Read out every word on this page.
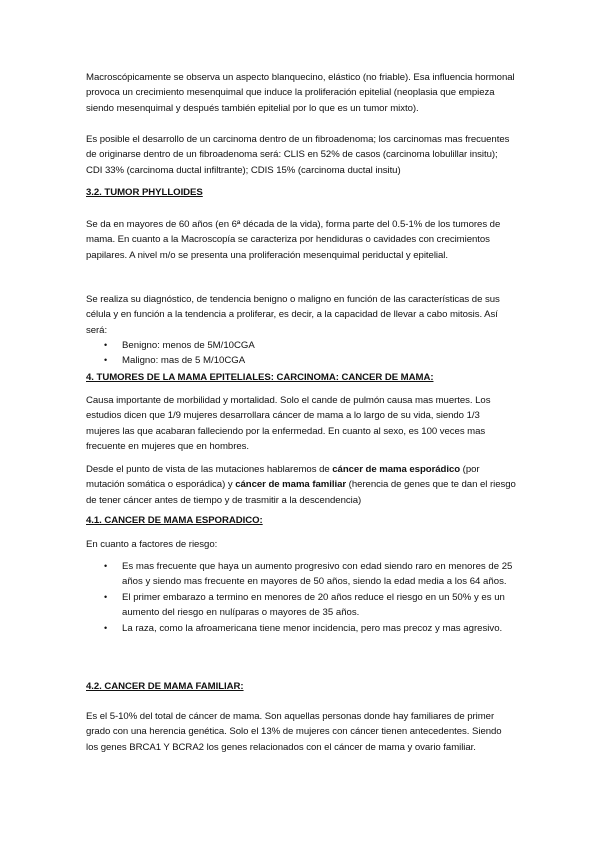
Macroscópicamente se observa un aspecto blanquecino, elástico (no friable). Esa influencia hormonal provoca un crecimiento mesenquimal que induce la proliferación epitelial (neoplasia que empieza siendo mesenquimal y después también epitelial por lo que es un tumor mixto).

Es posible el desarrollo de un carcinoma dentro de un fibroadenoma; los carcinomas mas frecuentes de originarse dentro de un fibroadenoma será: CLIS en 52% de casos (carcinoma lobulillar insitu); CDI 33% (carcinoma ductal infiltrante); CDIS 15% (carcinoma ductal insitu)

3.2. TUMOR PHYLLOIDES

Se da en mayores de 60 años (en 6ª década de la vida), forma parte del 0.5-1% de los tumores de mama. En cuanto a la Macroscopía se caracteriza por hendiduras o cavidades con crecimientos papilares. A nivel m/o se presenta una proliferación mesenquimal periductal y epitelial.

Se realiza su diagnóstico, de tendencia benigno o maligno en función de las características de sus célula y en función a la tendencia a proliferar, es decir, a la capacidad de llevar a cabo mitosis. Así será:

• Benigno: menos de 5M/10CGA
• Maligno: mas de 5 M/10CGA

4. TUMORES DE LA MAMA EPITELIALES: CARCINOMA: CANCER DE MAMA:

Causa importante de morbilidad y mortalidad. Solo el cande de pulmón causa mas muertes. Los estudios dicen que 1/9 mujeres desarrollara cáncer de mama a lo largo de su vida, siendo 1/3 mujeres las que acabaran falleciendo por la enfermedad. En cuanto al sexo, es 100 veces mas frecuente en mujeres que en hombres.

Desde el punto de vista de las mutaciones hablaremos de cáncer de mama esporádico (por mutación somática o esporádica) y cáncer de mama familiar (herencia de genes que te dan el riesgo de tener cáncer antes de tiempo y de trasmitir a la descendencia)

4.1. CANCER DE MAMA ESPORADICO:

En cuanto a factores de riesgo:

• Es mas frecuente que haya un aumento progresivo con edad siendo raro en menores de 25 años y siendo mas frecuente en mayores de 50 años, siendo la edad media a los 64 años.
• El primer embarazo a termino en menores de 20 años reduce el riesgo en un 50% y es un aumento del riesgo en nulíparas o mayores de 35 años.
• La raza, como la afroamericana tiene menor incidencia, pero mas precoz y mas agresivo.

4.2. CANCER DE MAMA FAMILIAR:

Es el 5-10% del total de cáncer de mama. Son aquellas personas donde hay familiares de primer grado con una herencia genética. Solo el 13% de mujeres con cáncer tienen antecedentes. Siendo los genes BRCA1 Y BCRA2 los genes relacionados con el cáncer de mama y ovario familiar.
